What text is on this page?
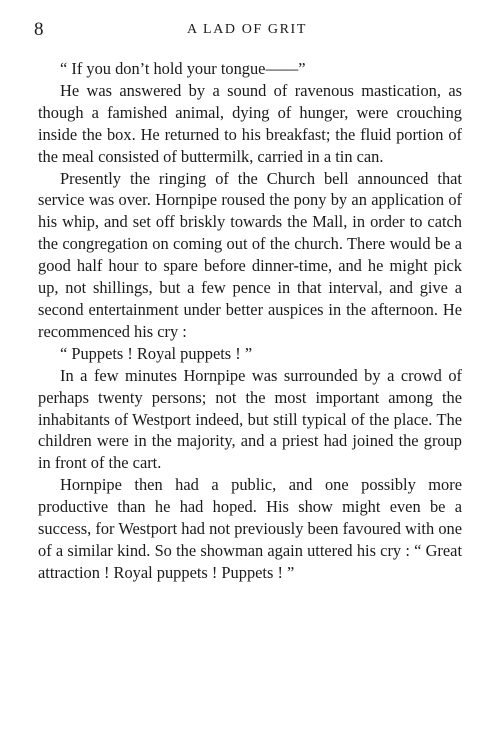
8	A LAD OF GRIT

“ If you don’t hold your tongue——”

He was answered by a sound of ravenous mastication, as though a famished animal, dying of hunger, were crouching inside the box. He returned to his breakfast; the fluid portion of the meal consisted of buttermilk, carried in a tin can.

Presently the ringing of the Church bell announced that service was over. Hornpipe roused the pony by an application of his whip, and set off briskly towards the Mall, in order to catch the congregation on coming out of the church. There would be a good half hour to spare before dinner-time, and he might pick up, not shillings, but a few pence in that interval, and give a second entertainment under better auspices in the afternoon. He recommenced his cry :

“ Puppets ! Royal puppets ! ”

In a few minutes Hornpipe was surrounded by a crowd of perhaps twenty persons; not the most important among the inhabitants of Westport indeed, but still typical of the place. The children were in the majority, and a priest had joined the group in front of the cart.

Hornpipe then had a public, and one possibly more productive than he had hoped. His show might even be a success, for Westport had not previously been favoured with one of a similar kind. So the showman again uttered his cry : “ Great attraction ! Royal puppets ! Puppets ! ”
